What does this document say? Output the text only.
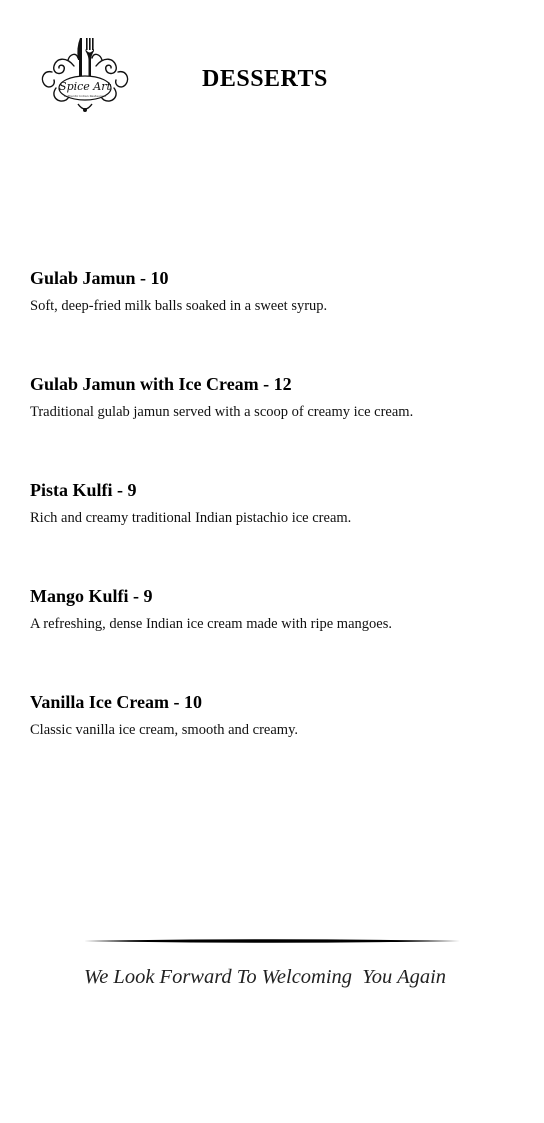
Spice Art
Authentic Indian Restaurant
DESSERTS
Gulab Jamun - 10
Soft, deep-fried milk balls soaked in a sweet syrup.
Gulab Jamun with Ice Cream - 12
Traditional gulab jamun served with a scoop of creamy ice cream.
Pista Kulfi - 9
Rich and creamy traditional Indian pistachio ice cream.
Mango Kulfi - 9
A refreshing, dense Indian ice cream made with ripe mangoes.
Vanilla Ice Cream - 10
Classic vanilla ice cream, smooth and creamy.
We Look Forward To Welcoming  You Again
